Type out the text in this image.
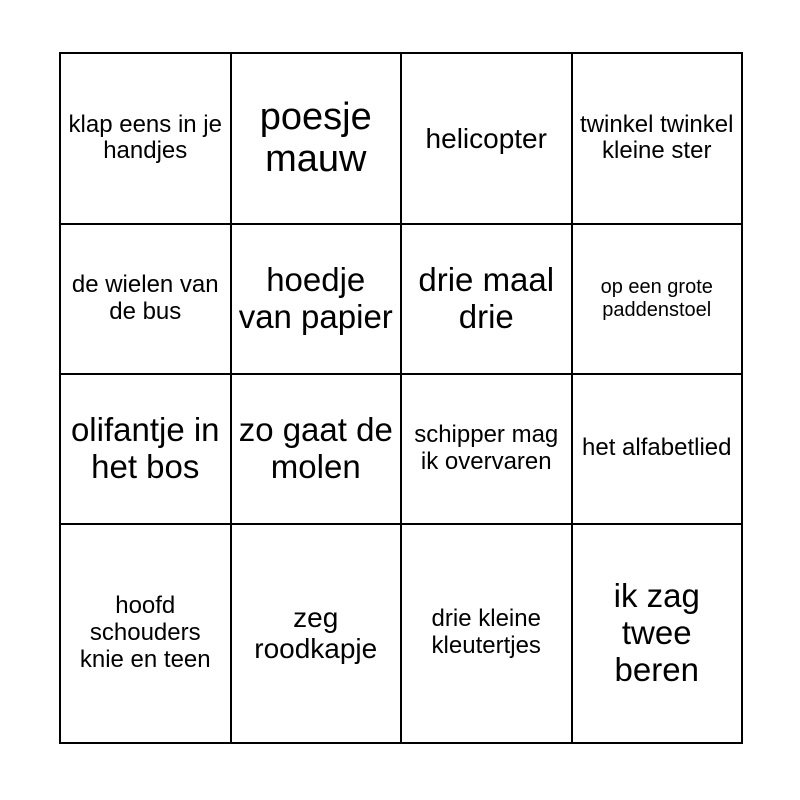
klap eens in je handjes	poesje mauw	helicopter	twinkel twinkel kleine ster
de wielen van de bus	hoedje van papier	drie maal drie	op een grote paddenstoel
olifantje in het bos	zo gaat de molen	schipper mag ik overvaren	het alfabetlied
hoofd schouders knie en teen	zeg roodkapje	drie kleine kleutertjes	ik zag twee beren
